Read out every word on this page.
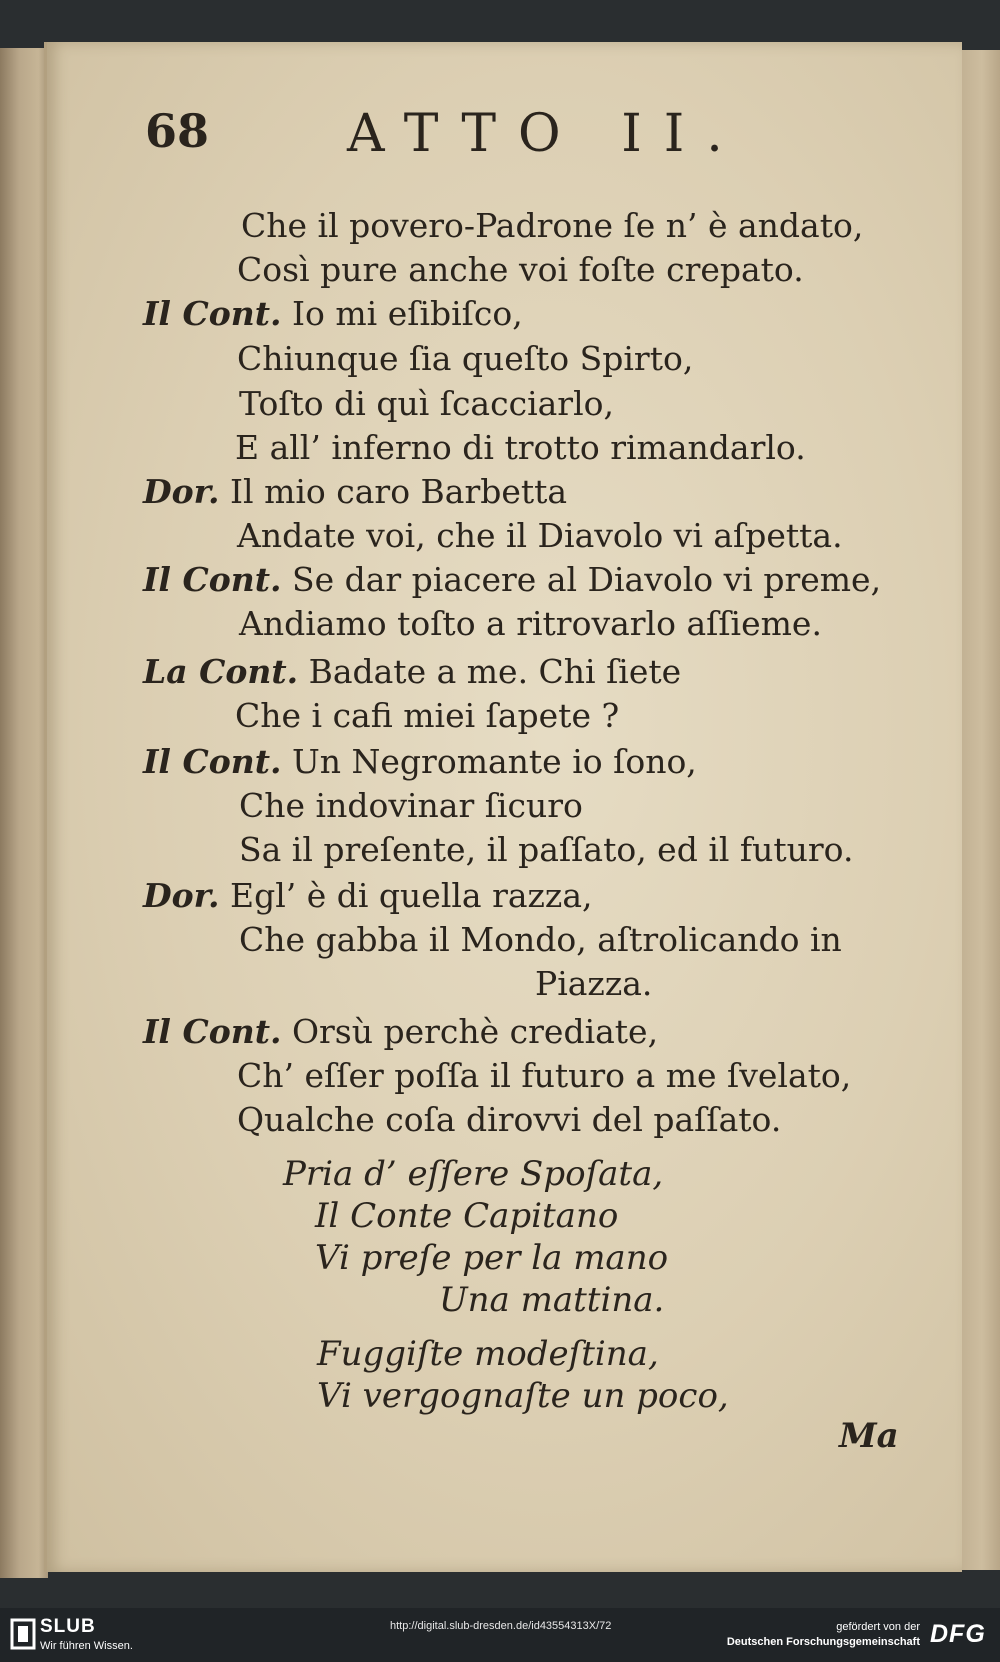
68	ATTO II.
Che il povero-Padrone ſe n’ è andato,
Così pure anche voi foſte crepato.
Il Cont. Io mi eſibiſco,
Chiunque ſia queſto Spirto,
Toſto di quì ſcacciarlo,
E all’ inferno di trotto rimandarlo.
Dor. Il mio caro Barbetta
Andate voi, che il Diavolo vi aſpetta.
Il Cont. Se dar piacere al Diavolo vi preme,
Andiamo toſto a ritrovarlo aſſieme.
La Cont. Badate a me. Chi ſiete
Che i cafi miei ſapete ?
Il Cont. Un Negromante io ſono,
Che indovinar ſicuro
Sa il preſente, il paſſato, ed il futuro.
Dor. Egl’ è di quella razza,
Che gabba il Mondo, aſtrolicando in
Piazza.
Il Cont. Orsù perchè crediate,
Ch’ eſſer poſſa il futuro a me ſvelato,
Qualche coſa dirovvi del paſſato.
Pria d’ eſſere Spoſata,
Il Conte Capitano
Vi preſe per la mano
Una mattina.
Fuggiſte modeſtina,
Vi vergognaſte un poco,
Ma
SLUB
Wir führen Wissen.
http://digital.slub-dresden.de/id43554313X/72	gefördert von der
Deutschen Forschungsgemeinschaft DFG
